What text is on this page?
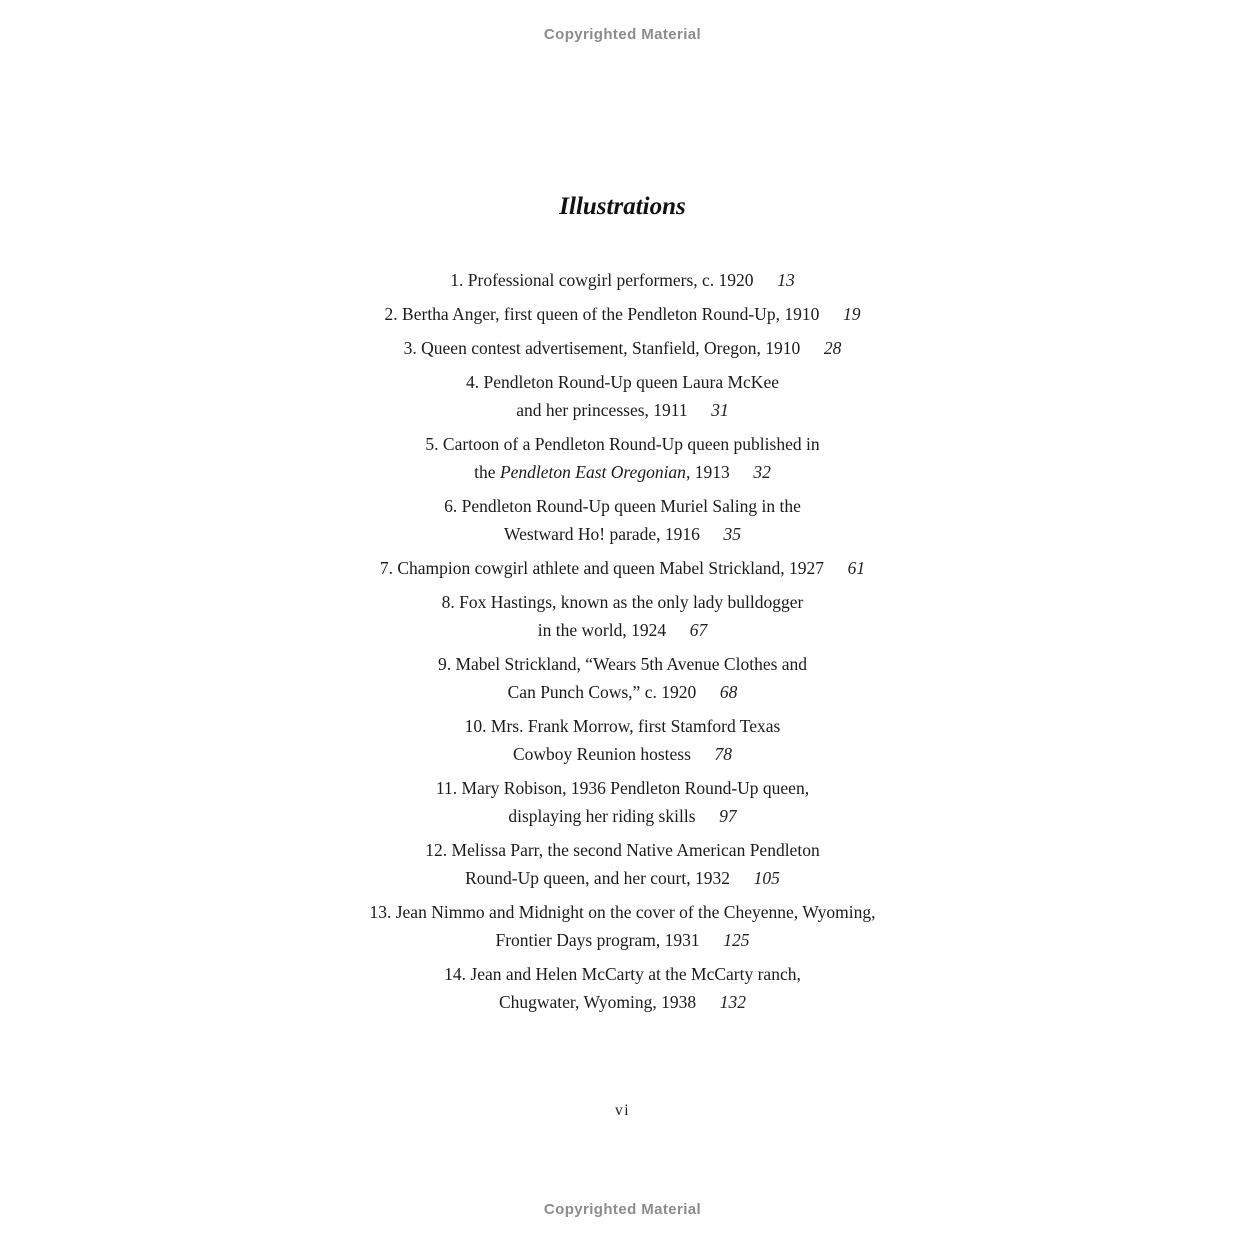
Copyrighted Material
Illustrations
1. Professional cowgirl performers, c. 1920 13
2. Bertha Anger, first queen of the Pendleton Round-Up, 1910 19
3. Queen contest advertisement, Stanfield, Oregon, 1910 28
4. Pendleton Round-Up queen Laura McKee
and her princesses, 1911 31
5. Cartoon of a Pendleton Round-Up queen published in
the Pendleton East Oregonian, 1913 32
6. Pendleton Round-Up queen Muriel Saling in the
Westward Ho! parade, 1916 35
7. Champion cowgirl athlete and queen Mabel Strickland, 1927 61
8. Fox Hastings, known as the only lady bulldogger
in the world, 1924 67
9. Mabel Strickland, “Wears 5th Avenue Clothes and
Can Punch Cows,” c. 1920 68
10. Mrs. Frank Morrow, first Stamford Texas
Cowboy Reunion hostess 78
11. Mary Robison, 1936 Pendleton Round-Up queen,
displaying her riding skills 97
12. Melissa Parr, the second Native American Pendleton
Round-Up queen, and her court, 1932 105
13. Jean Nimmo and Midnight on the cover of the Cheyenne, Wyoming,
Frontier Days program, 1931 125
14. Jean and Helen McCarty at the McCarty ranch,
Chugwater, Wyoming, 1938 132
vi
Copyrighted Material
